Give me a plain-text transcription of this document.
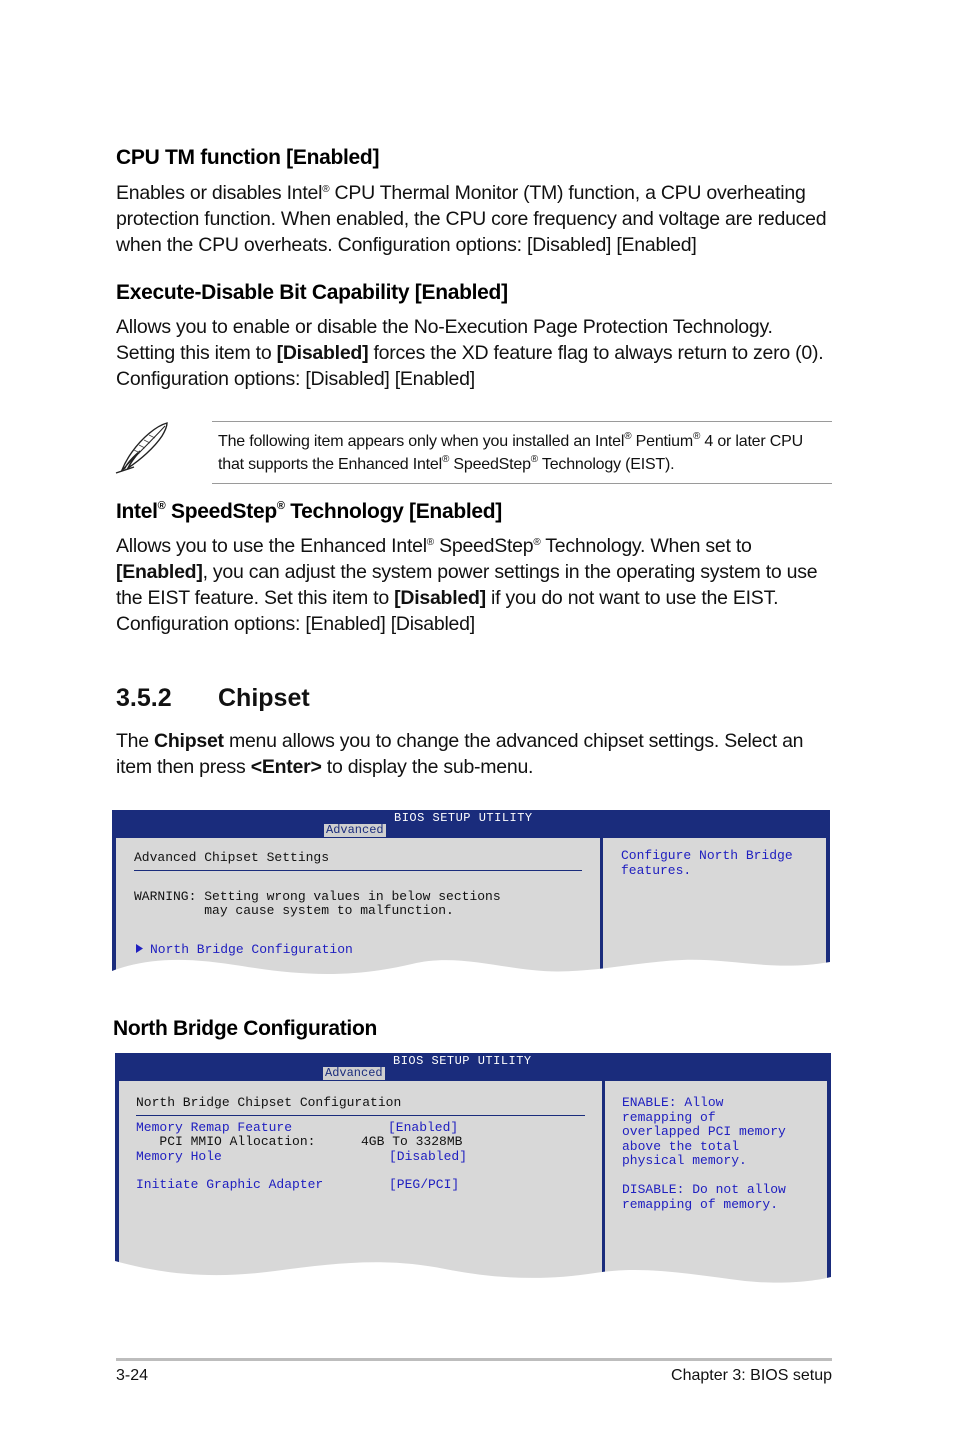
CPU TM function [Enabled]

Enables or disables Intel® CPU Thermal Monitor (TM) function, a CPU overheating protection function. When enabled, the CPU core frequency and voltage are reduced when the CPU overheats. Configuration options: [Disabled] [Enabled]

Execute-Disable Bit Capability [Enabled]

Allows you to enable or disable the No-Execution Page Protection Technology. Setting this item to [Disabled] forces the XD feature flag to always return to zero (0). Configuration options: [Disabled] [Enabled]

The following item appears only when you installed an Intel® Pentium® 4 or later CPU that supports the Enhanced Intel® SpeedStep® Technology (EIST).

Intel® SpeedStep® Technology [Enabled]

Allows you to use the Enhanced Intel® SpeedStep® Technology. When set to [Enabled], you can adjust the system power settings in the operating system to use the EIST feature. Set this item to [Disabled] if you do not want to use the EIST. Configuration options: [Enabled] [Disabled]

3.5.2 Chipset

The Chipset menu allows you to change the advanced chipset settings. Select an item then press <Enter> to display the sub-menu.

BIOS SETUP UTILITY
Advanced

Advanced Chipset Settings

WARNING: Setting wrong values in below sections

may cause system to malfunction.

North Bridge Configuration

Configure North Bridge

features.

North Bridge Configuration
BIOS SETUP UTILITY
Advanced

North Bridge Chipset Configuration

Memory Remap Feature	[Enabled]

PCI MMIO Allocation:	4GB To 3328MB

Memory Hole	[Disabled]

Initiate Graphic Adapter	[PEG/PCI]

ENABLE: Allow

remapping of

overlapped PCI memory

above the total

physical memory.

DISABLE: Do not allow

remapping of memory.

3-24	Chapter 3: BIOS setup
